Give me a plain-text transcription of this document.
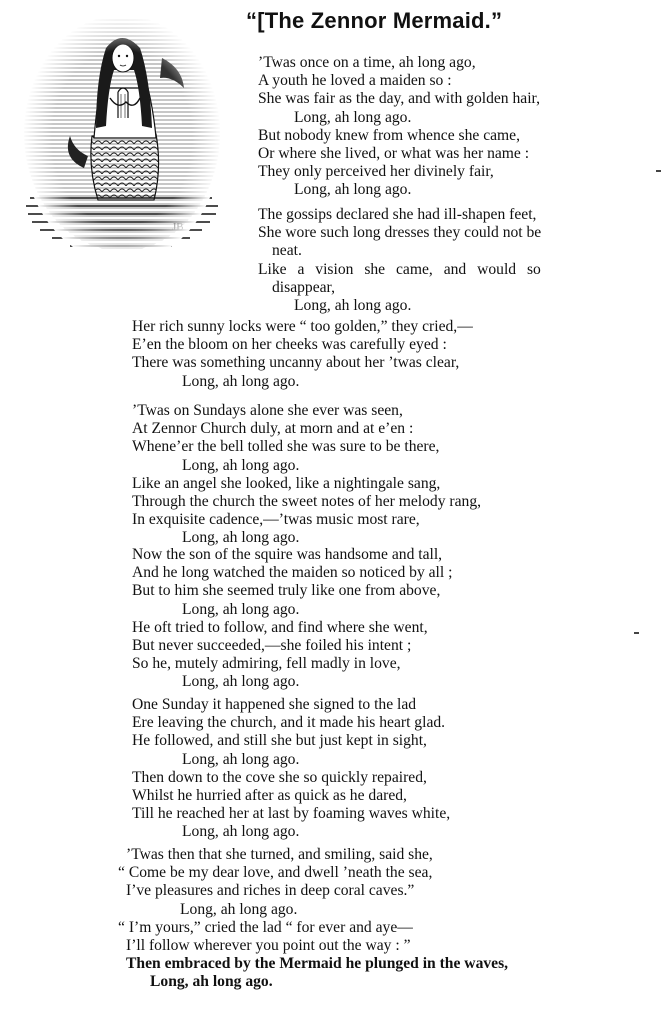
“[The Zennor Mermaid.”
’Twas once on a time, ah long ago,
A youth he loved a maiden so :
She was fair as the day, and with golden hair,
Long, ah long ago.
But nobody knew from whence she came,
Or where she lived, or what was her name :
They only perceived her divinely fair,
Long, ah long ago.
The gossips declared she had ill-shapen feet,
She wore such long dresses they could not be
neat.
Like a vision she came, and would so
disappear,
Long, ah long ago.
Her rich sunny locks were “ too golden,” they cried,—
E’en the bloom on her cheeks was carefully eyed :
There was something uncanny about her ’twas clear,
Long, ah long ago.
’Twas on Sundays alone she ever was seen,
At Zennor Church duly, at morn and at e’en :
Whene’er the bell tolled she was sure to be there,
Long, ah long ago.
Like an angel she looked, like a nightingale sang,
Through the church the sweet notes of her melody rang,
In exquisite cadence,—’twas music most rare,
Long, ah long ago.
Now the son of the squire was handsome and tall,
And he long watched the maiden so noticed by all ;
But to him she seemed truly like one from above,
Long, ah long ago.
He oft tried to follow, and find where she went,
But never succeeded,—she foiled his intent ;
So he, mutely admiring, fell madly in love,
Long, ah long ago.
One Sunday it happened she signed to the lad
Ere leaving the church, and it made his heart glad.
He followed, and still she but just kept in sight,
Long, ah long ago.
Then down to the cove she so quickly repaired,
Whilst he hurried after as quick as he dared,
Till he reached her at last by foaming waves white,
Long, ah long ago.
’Twas then that she turned, and smiling, said she,
“ Come be my dear love, and dwell ’neath the sea,
I’ve pleasures and riches in deep coral caves.”
Long, ah long ago.
“ I’m yours,” cried the lad “ for ever and aye—
I’ll follow wherever you point out the way : ”
Then embraced by the Mermaid he plunged in the waves,
Long, ah long ago.
